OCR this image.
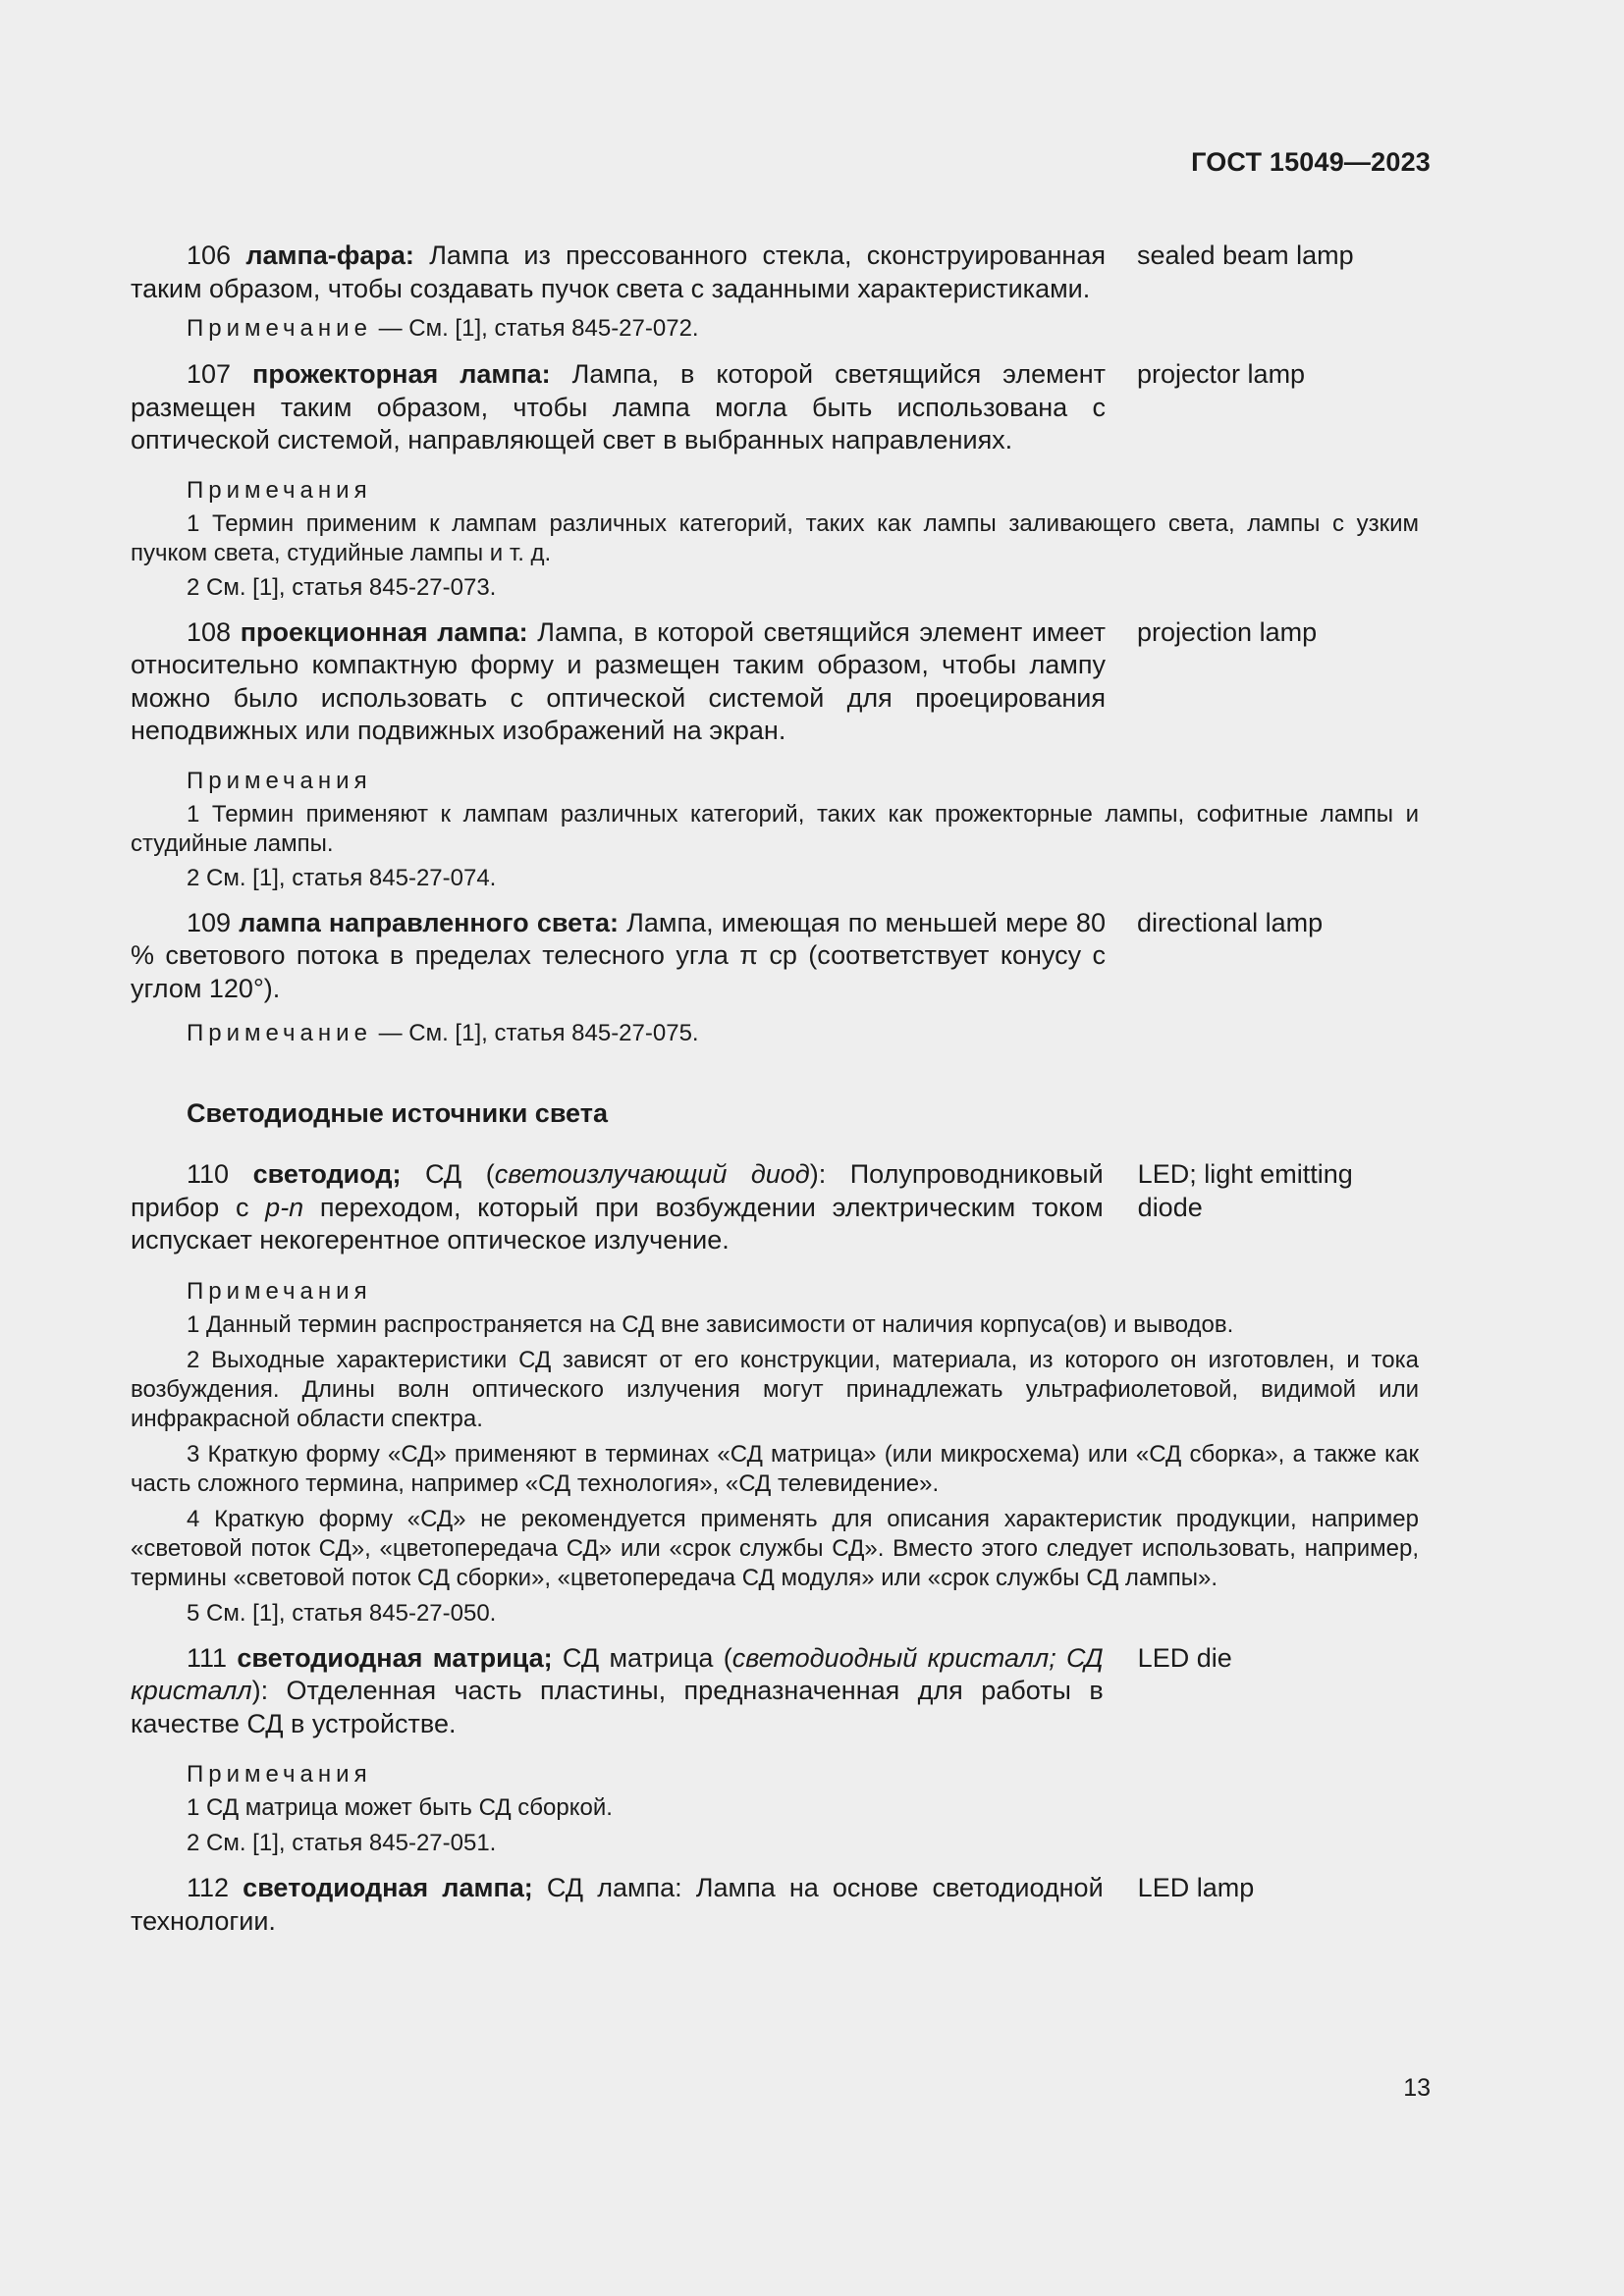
ГОСТ 15049—2023
106 лампа-фара: Лампа из прессованного стекла, сконструированная таким образом, чтобы создавать пучок света с заданными характеристиками.
sealed beam lamp
Примечание — См. [1], статья 845-27-072.
107 прожекторная лампа: Лампа, в которой светящийся элемент размещен таким образом, чтобы лампа могла быть использована с оптической системой, направляющей свет в выбранных направлениях.
projector lamp
Примечания
1 Термин применим к лампам различных категорий, таких как лампы заливающего света, лампы с узким пучком света, студийные лампы и т. д.
2 См. [1], статья 845-27-073.
108 проекционная лампа: Лампа, в которой светящийся элемент имеет относительно компактную форму и размещен таким образом, чтобы лампу можно было использовать с оптической системой для проецирования неподвижных или подвижных изображений на экран.
projection lamp
Примечания
1 Термин применяют к лампам различных категорий, таких как прожекторные лампы, софитные лампы и студийные лампы.
2 См. [1], статья 845-27-074.
109 лампа направленного света: Лампа, имеющая по меньшей мере 80 % светового потока в пределах телесного угла π ср (соответствует конусу с углом 120°).
directional lamp
Примечание — См. [1], статья 845-27-075.
Светодиодные источники света
110 светодиод; СД (светоизлучающий диод): Полупроводниковый прибор с p-n переходом, который при возбуждении электрическим током испускает некогерентное оптическое излучение.
LED; light emitting diode
Примечания
1 Данный термин распространяется на СД вне зависимости от наличия корпуса(ов) и выводов.
2 Выходные характеристики СД зависят от его конструкции, материала, из которого он изготовлен, и тока возбуждения. Длины волн оптического излучения могут принадлежать ультрафиолетовой, видимой или инфракрасной области спектра.
3 Краткую форму «СД» применяют в терминах «СД матрица» (или микросхема) или «СД сборка», а также как часть сложного термина, например «СД технология», «СД телевидение».
4 Краткую форму «СД» не рекомендуется применять для описания характеристик продукции, например «световой поток СД», «цветопередача СД» или «срок службы СД». Вместо этого следует использовать, например, термины «световой поток СД сборки», «цветопередача СД модуля» или «срок службы СД лампы».
5 См. [1], статья 845-27-050.
111 светодиодная матрица; СД матрица (светодиодный кристалл; СД кристалл): Отделенная часть пластины, предназначенная для работы в качестве СД в устройстве.
LED die
Примечания
1 СД матрица может быть СД сборкой.
2 См. [1], статья 845-27-051.
112 светодиодная лампа; СД лампа: Лампа на основе светодиодной технологии.
LED lamp
13
